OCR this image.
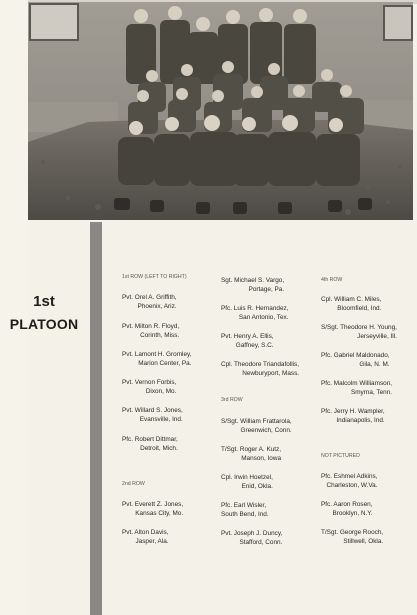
1st
PLATOON
1st ROW (LEFT TO RIGHT)
Pvt. Orel A. Griffith,
Phoenix, Ariz.
Pvt. Milton R. Floyd,
Corinth, Miss.
Pvt. Lamont H. Gromley,
Marion Center, Pa.
Pvt. Vernon Forbis,
Dixon, Mo.
Pvt. Willard S. Jones,
Evansville, Ind.
Pfc. Robert Dittmar,
Detroit, Mich.
2nd ROW
Pvt. Everett Z. Jones,
Kansas City, Mo.
Pvt. Alton Davis,
Jasper, Ala.
Sgt. Michael S. Vargo,
Portage, Pa.
Pfc. Luis R. Hernandez,
San Antonio, Tex.
Pvt. Henry A. Ellis,
Gaffney, S.C.
Cpl. Theodore Triandafollis,
Newburyport, Mass.
3rd ROW
S/Sgt. William Frattarola,
Greenwich, Conn.
T/Sgt. Roger A. Kutz,
Manson, Iowa
Cpl. Irwin Hoetzel,
Enid, Okla.
Pfc. Earl Wisler,
South Bend, Ind.
Pvt. Joseph J. Duncy,
Stafford, Conn.
4th ROW
Cpl. William C. Miles,
Bloomfield, Ind.
S/Sgt. Theodore H. Young,
Jerseyville, Ill.
Pfc. Gabriel Maldonado,
Gila, N. M.
Pfc. Malcolm Williamson,
Smyrna, Tenn.
Pfc. Jerry H. Wampler,
Indianapolis, Ind.
NOT PICTURED
Pfc. Eshmel Adkins,
Charleston, W.Va.
Pfc. Aaron Rosen,
Brooklyn, N.Y.
T/Sgt. George Rooch,
Stillwell, Okla.
